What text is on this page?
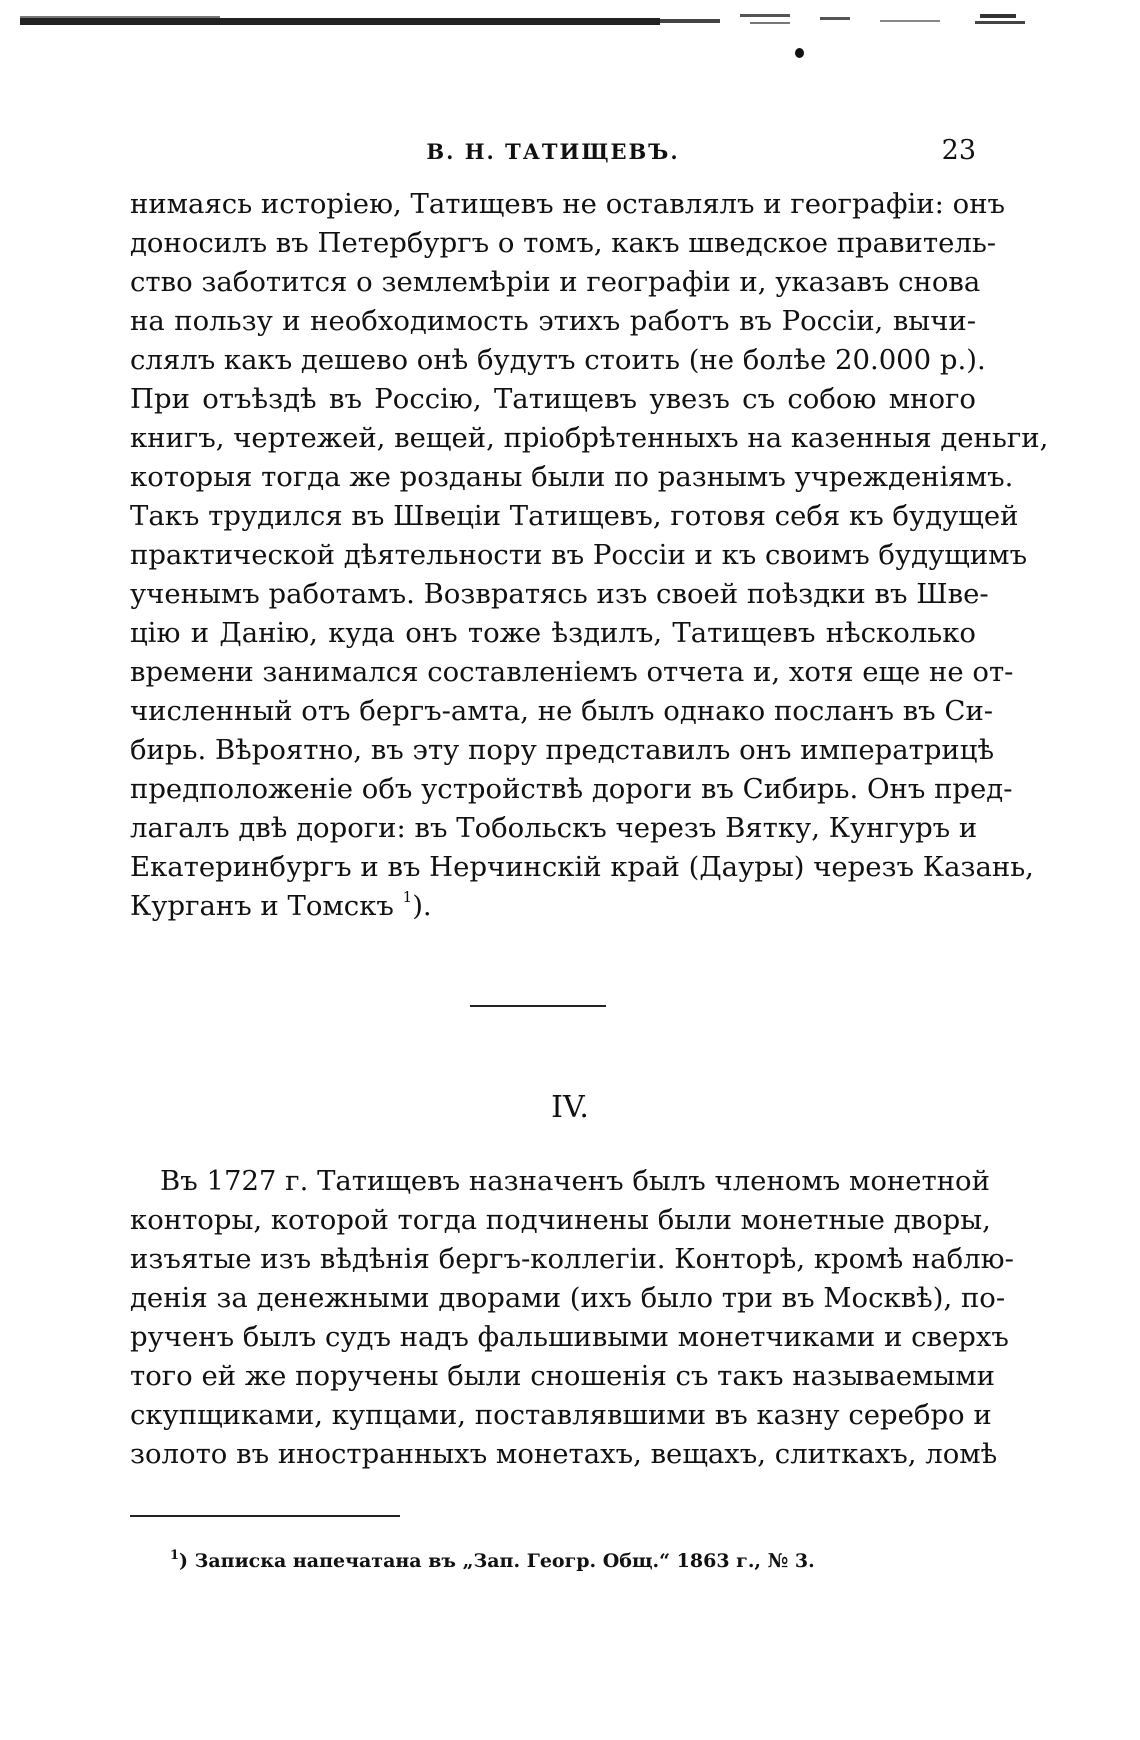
В. Н. ТАТИЩЕВЪ.	23
нимаясь исторіею, Татищевъ не оставлялъ и географіи: онъ
доносилъ въ Петербургъ о томъ, какъ шведское правитель-
ство заботится о землемѣріи и географіи и, указавъ снова
на пользу и необходимость этихъ работъ въ Россіи, вычи-
слялъ какъ дешево онѣ будутъ стоить (не болѣе 20.000 р.).
При отъѣздѣ въ Россію, Татищевъ увезъ съ собою много
книгъ, чертежей, вещей, пріобрѣтенныхъ на казенныя деньги,
которыя тогда же розданы были по разнымъ учрежденіямъ.
Такъ трудился въ Швеціи Татищевъ, готовя себя къ будущей
практической дѣятельности въ Россіи и къ своимъ будущимъ
ученымъ работамъ. Возвратясь изъ своей поѣздки въ Шве-
цію и Данію, куда онъ тоже ѣздилъ, Татищевъ нѣсколько
времени занимался составленіемъ отчета и, хотя еще не от-
численный отъ бергъ-амта, не былъ однако посланъ въ Си-
бирь. Вѣроятно, въ эту пору представилъ онъ императрицѣ
предположеніе объ устройствѣ дороги въ Сибирь. Онъ пред-
лагалъ двѣ дороги: въ Тобольскъ черезъ Вятку, Кунгуръ и
Екатеринбургъ и въ Нерчинскій край (Дауры) черезъ Казань,
Курганъ и Томскъ $^1$).
IV.
Въ 1727 г. Татищевъ назначенъ былъ членомъ монетной
конторы, которой тогда подчинены были монетные дворы,
изъятые изъ вѣдѣнія бергъ-коллегіи. Конторѣ, кромѣ наблю-
денія за денежными дворами (ихъ было три въ Москвѣ), по-
рученъ былъ судъ надъ фальшивыми монетчиками и сверхъ
того ей же поручены были сношенія съ такъ называемыми
скупщиками, купцами, поставлявшими въ казну серебро и
золото въ иностранныхъ монетахъ, вещахъ, слиткахъ, ломѣ
$^1$) Записка напечатана въ „Зап. Геогр. Общ.“ 1863 г., № 3.
